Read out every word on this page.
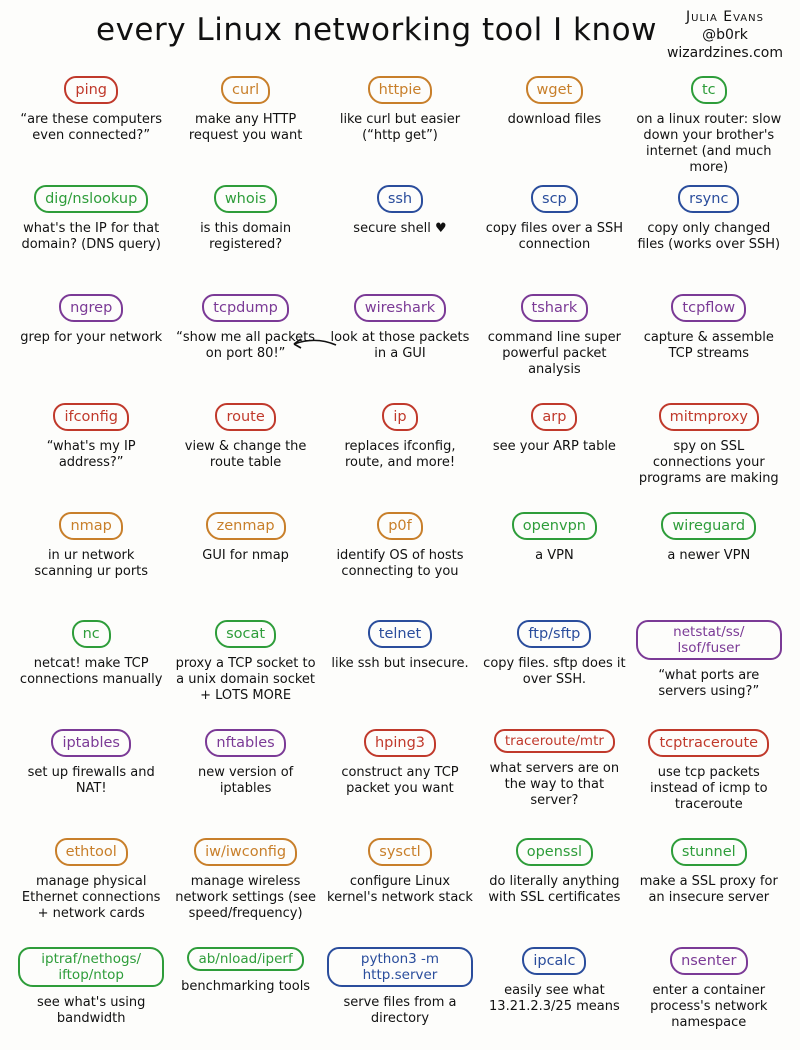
every Linux networking tool I know	Julia Evans
@b0rk
wizardzines.com
ping
“are these computers even connected?”
curl
make any HTTP request you want
httpie
like curl but easier (“http get”)
wget
download files
tc
on a linux router: slow down your brother's internet (and much more)
dig/nslookup
what's the IP for that domain? (DNS query)
whois
is this domain registered?
ssh
secure shell ♥
scp
copy files over a SSH connection
rsync
copy only changed files (works over SSH)
ngrep
grep for your network
tcpdump
“show me all packets on port 80!”
wireshark
look at those packets in a GUI
tshark
command line super powerful packet analysis
tcpflow
capture & assemble TCP streams
ifconfig
“what's my IP address?”
route
view & change the route table
ip
replaces ifconfig, route, and more!
arp
see your ARP table
mitmproxy
spy on SSL connections your programs are making
nmap
in ur network scanning ur ports
zenmap
GUI for nmap
p0f
identify OS of hosts connecting to you
openvpn
a VPN
wireguard
a newer VPN
nc
netcat! make TCP connections manually
socat
proxy a TCP socket to a unix domain socket + LOTS MORE
telnet
like ssh but insecure.
ftp/sftp
copy files. sftp does it over SSH.
netstat/ss/ lsof/fuser
“what ports are servers using?”
iptables
set up firewalls and NAT!
nftables
new version of iptables
hping3
construct any TCP packet you want
traceroute/mtr
what servers are on the way to that server?
tcptraceroute
use tcp packets instead of icmp to traceroute
ethtool
manage physical Ethernet connections + network cards
iw/iwconfig
manage wireless network settings (see speed/frequency)
sysctl
configure Linux kernel's network stack
openssl
do literally anything with SSL certificates
stunnel
make a SSL proxy for an insecure server
iptraf/nethogs/ iftop/ntop
see what's using bandwidth
ab/nload/iperf
benchmarking tools
python3 -m http.server
serve files from a directory
ipcalc
easily see what 13.21.2.3/25 means
nsenter
enter a container process's network namespace
